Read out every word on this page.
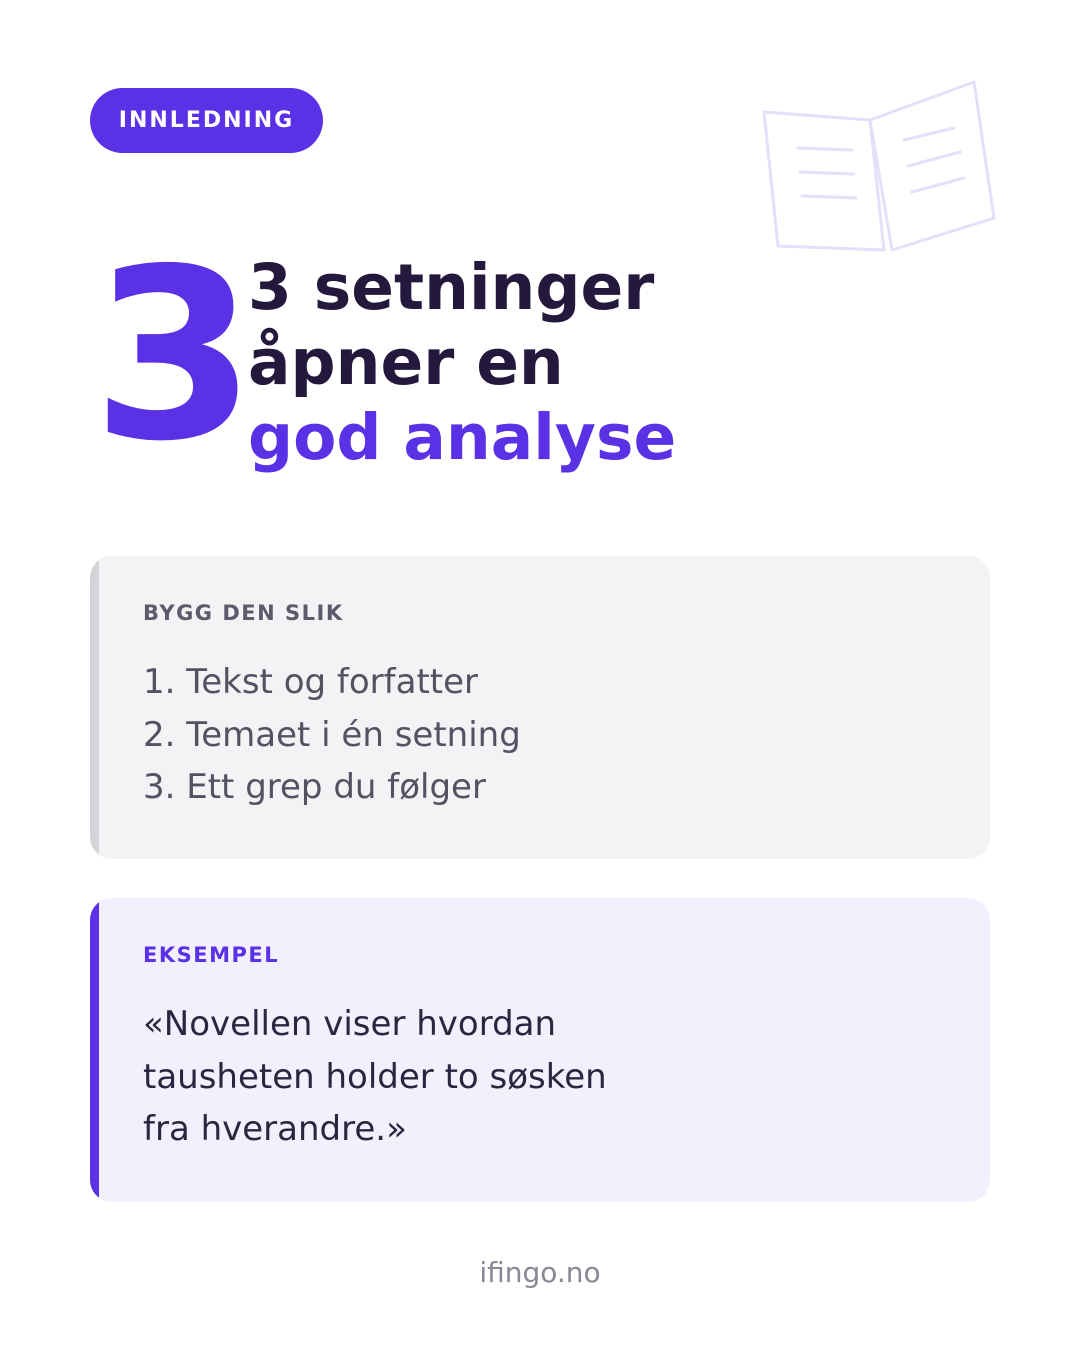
INNLEDNING
3
3 setninger
åpner en
god analyse
BYGG DEN SLIK
1. Tekst og forfatter
2. Temaet i én setning
3. Ett grep du følger
EKSEMPEL
«Novellen viser hvordan tausheten holder to søsken fra hverandre.»
ifingo.no
